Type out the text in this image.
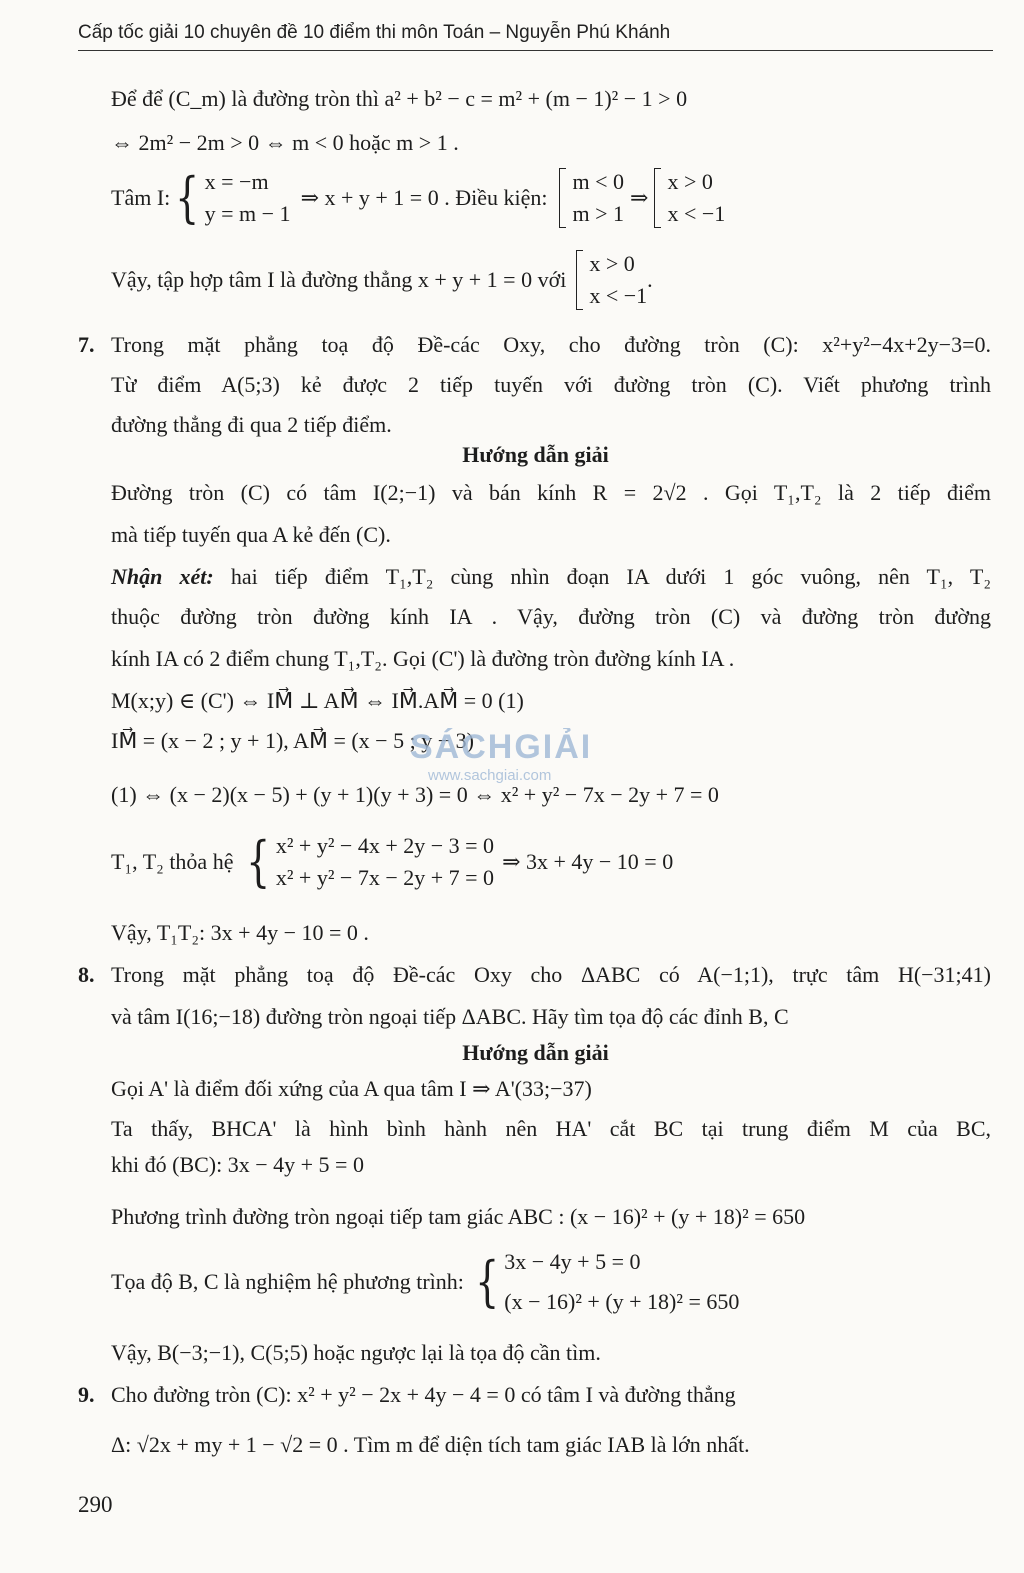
Cấp tốc giải 10 chuyên đề 10 điểm thi môn Toán – Nguyễn Phú Khánh
Để để (C_m) là đường tròn thì a² + b² − c = m² + (m − 1)² − 1 > 0
⇔ 2m² − 2m > 0 ⇔ m < 0 hoặc m > 1 .
Tâm I: { x = −m
y = m − 1
⇒ x + y + 1 = 0 . Điều kiện:
m < 0
m > 1
⇒
x > 0
x < −1
Vậy, tập hợp tâm I là đường thẳng x + y + 1 = 0 với
x > 0
x < −1
.
7. Trong mặt phẳng toạ độ Đề-các Oxy, cho đường tròn (C): x²+y²−4x+2y−3=0.
Từ điểm A(5;3) kẻ được 2 tiếp tuyến với đường tròn (C). Viết phương trình
đường thẳng đi qua 2 tiếp điểm.
Hướng dẫn giải
Đường tròn (C) có tâm I(2;−1) và bán kính R = 2√2 . Gọi T₁,T₂ là 2 tiếp điểm
mà tiếp tuyến qua A kẻ đến (C).
Nhận xét: hai tiếp điểm T₁,T₂ cùng nhìn đoạn IA dưới 1 góc vuông, nên T₁, T₂
thuộc đường tròn đường kính IA . Vậy, đường tròn (C) và đường tròn đường
kính IA có 2 điểm chung T₁,T₂. Gọi (C') là đường tròn đường kính IA .
M(x;y) ∈ (C') ⇔ IM⃗ ⊥ AM⃗ ⇔ IM⃗.AM⃗ = 0 (1)
IM⃗ = (x − 2 ; y + 1), AM⃗ = (x − 5 ; y − 3)
(1) ⇔ (x − 2)(x − 5) + (y + 1)(y + 3) = 0 ⇔ x² + y² − 7x − 2y + 7 = 0
T₁, T₂ thỏa hệ { x² + y² − 4x + 2y − 3 = 0
x² + y² − 7x − 2y + 7 = 0
⇒ 3x + 4y − 10 = 0
Vậy, T₁T₂: 3x + 4y − 10 = 0 .
8. Trong mặt phẳng toạ độ Đề-các Oxy cho ΔABC có A(−1;1), trực tâm H(−31;41)
và tâm I(16;−18) đường tròn ngoại tiếp ΔABC. Hãy tìm tọa độ các đỉnh B, C
Hướng dẫn giải
Gọi A' là điểm đối xứng của A qua tâm I ⇒ A'(33;−37)
Ta thấy, BHCA' là hình bình hành nên HA' cắt BC tại trung điểm M của BC,
khi đó (BC): 3x − 4y + 5 = 0
Phương trình đường tròn ngoại tiếp tam giác ABC : (x − 16)² + (y + 18)² = 650
Tọa độ B, C là nghiệm hệ phương trình: { 3x − 4y + 5 = 0
(x − 16)² + (y + 18)² = 650
Vậy, B(−3;−1), C(5;5) hoặc ngược lại là tọa độ cần tìm.
9. Cho đường tròn (C): x² + y² − 2x + 4y − 4 = 0 có tâm I và đường thẳng
Δ: √2x + my + 1 − √2 = 0 . Tìm m để diện tích tam giác IAB là lớn nhất.
SÁCHGIẢI
www.sachgiai.com
290
